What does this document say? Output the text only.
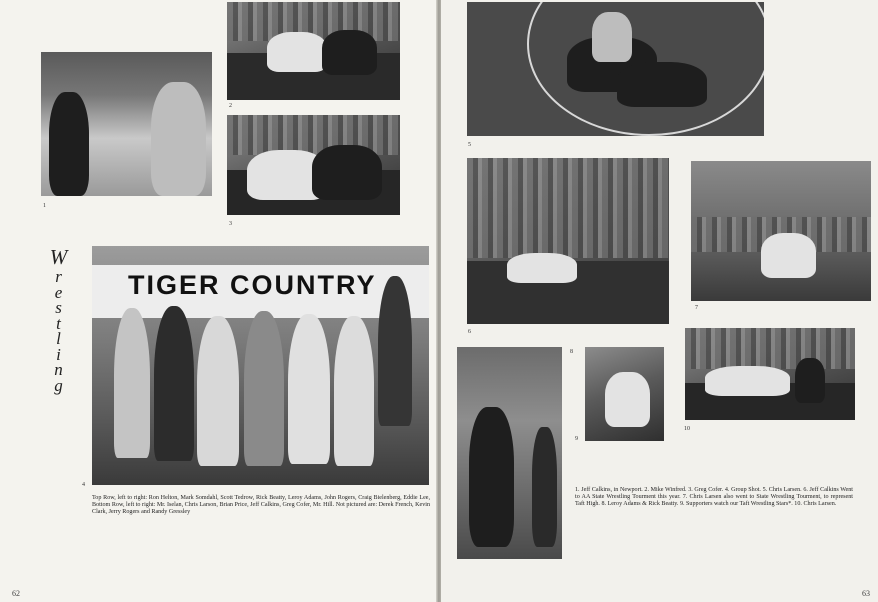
1
2
3
W
r
e
s
t
l
i
n
g
TIGER COUNTRY
4
Top Row, left to right: Ron Helton, Mark Somdahl, Scott Tedrow, Rick Beatty, Leroy Adams, John Rogers, Craig Bielenberg, Eddie Lee, Bottom Row, left to right: Mr. Iselan, Chris Larson, Brian Price, Jeff Calkins, Greg Cofer, Mr. Hill. Not pictured are: Derek French, Kevin Clark, Jerry Rogers and Randy Gressley
62
5
6
7
8
9
10
1. Jeff Calkins, in Newport. 2. Mike Winfred. 3. Greg Cofer. 4. Group Shot. 5. Chris Larsen. 6. Jeff Calkins Went to AA State Wrestling Tourment this year. 7. Chris Larsen also went to State Wrestling Tourment, to represent Taft High. 8. Leroy Adams & Rick Beatty. 9. Supporters watch our Taft Wrestling Stars*. 10. Chris Larsen.
63
